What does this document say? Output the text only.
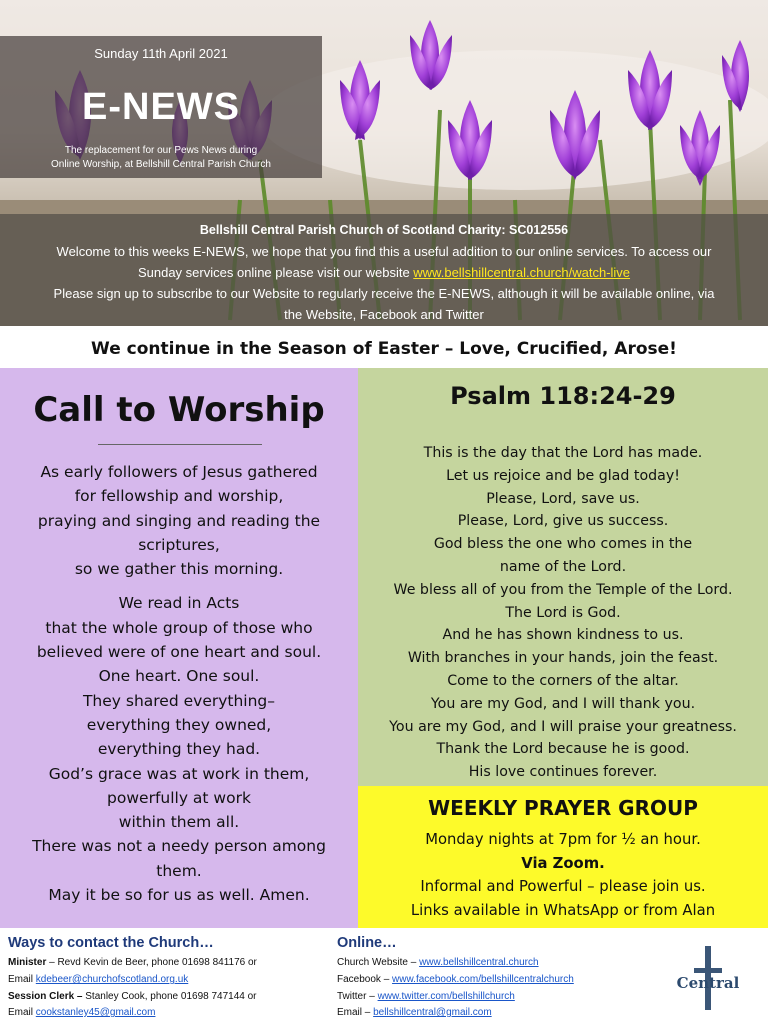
Sunday 11th April 2021
E-NEWS
The replacement for our Pews News during
Online Worship, at Bellshill Central Parish Church
Bellshill Central Parish Church of Scotland Charity: SC012556
Welcome to this weeks E-NEWS, we hope that you find this a useful addition to our online services. To access our
Sunday services online please visit our website www.bellshillcentral.church/watch-live
Please sign up to subscribe to our Website to regularly receive the E-NEWS, although it will be available online, via
the Website, Facebook and Twitter
We continue in the Season of Easter – Love, Crucified, Arose!
Call to Worship

As early followers of Jesus gathered
for fellowship and worship,
praying and singing and reading the
scriptures,
so we gather this morning.

We read in Acts
that the whole group of those who
believed were of one heart and soul.
One heart. One soul.
They shared everything–
everything they owned,
everything they had.
God’s grace was at work in them,
powerfully at work
within them all.
There was not a needy person among
them.
May it be so for us as well. Amen.

Psalm 118:24-29
This is the day that the Lord has made.
Let us rejoice and be glad today!
Please, Lord, save us.
Please, Lord, give us success.
God bless the one who comes in the
name of the Lord.
We bless all of you from the Temple of the Lord.
The Lord is God.
And he has shown kindness to us.
With branches in your hands, join the feast.
Come to the corners of the altar.
You are my God, and I will thank you.
You are my God, and I will praise your greatness.
Thank the Lord because he is good.
His love continues forever.
WEEKLY PRAYER GROUP
Monday nights at 7pm for ½ an hour.
Via Zoom.
Informal and Powerful – please join us.
Links available in WhatsApp or from Alan
Ways to contact the Church…
Minister – Revd Kevin de Beer, phone 01698 841176 or
Email kdebeer@churchofscotland.org.uk
Session Clerk – Stanley Cook, phone 01698 747144 or
Email cookstanley45@gmail.com
Online…
Church Website – www.bellshillcentral.church
Facebook – www.facebook.com/bellshillcentralchurch
Twitter – www.twitter.com/bellshillchurch
Email – bellshillcentral@gmail.com
Central
